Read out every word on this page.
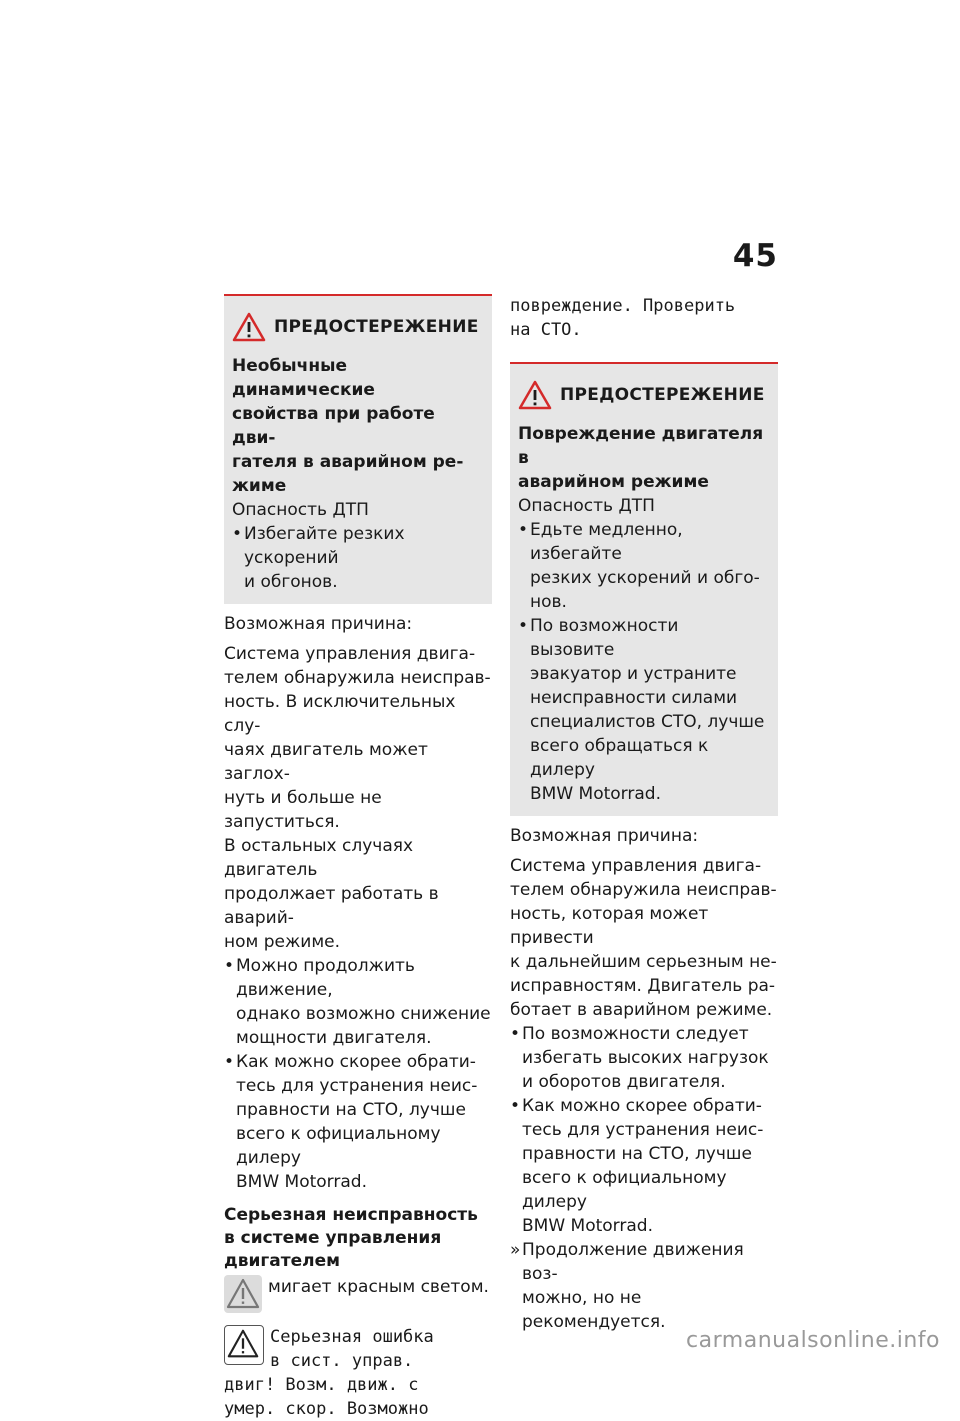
45
ПРЕДОСТЕРЕЖЕНИЕ
Необычные динамические
свойства при работе дви-
гателя в аварийном ре-
жиме

Опасность ДТП

• Избегайте резких ускорений
и обгонов.

Возможная причина:

Система управления двига-
телем обнаружила неисправ-
ность. В исключительных слу-
чаях двигатель может заглох-
нуть и больше не запуститься.
В остальных случаях двигатель
продолжает работать в аварий-
ном режиме.
• Можно продолжить движение,
однако возможно снижение
мощности двигателя.
• Как можно скорее обрати-
тесь для устранения неис-
правности на СТО, лучше
всего к официальному дилеру
BMW Motorrad.
Серьезная неисправность
в системе управления
двигателем
мигает красным светом.
Серьезная ошибка
в сист. управ.
двиг! Возм. движ. с
умер. скор. Возможно
повреждение. Проверить
на СТО.
ПРЕДОСТЕРЕЖЕНИЕ
Повреждение двигателя в
аварийном режиме

Опасность ДТП

• Едьте медленно, избегайте
резких ускорений и обго-
нов.
• По возможности вызовите
эвакуатор и устраните
неисправности силами
специалистов СТО, лучше
всего обращаться к дилеру
BMW Motorrad.

Возможная причина:

Система управления двига-
телем обнаружила неисправ-
ность, которая может привести
к дальнейшим серьезным не-
исправностям. Двигатель ра-
ботает в аварийном режиме.
• По возможности следует
избегать высоких нагрузок
и оборотов двигателя.
• Как можно скорее обрати-
тесь для устранения неис-
правности на СТО, лучше
всего к официальному дилеру
BMW Motorrad.
» Продолжение движения воз-
можно, но не рекомендуется.
carmanualsonline.info
